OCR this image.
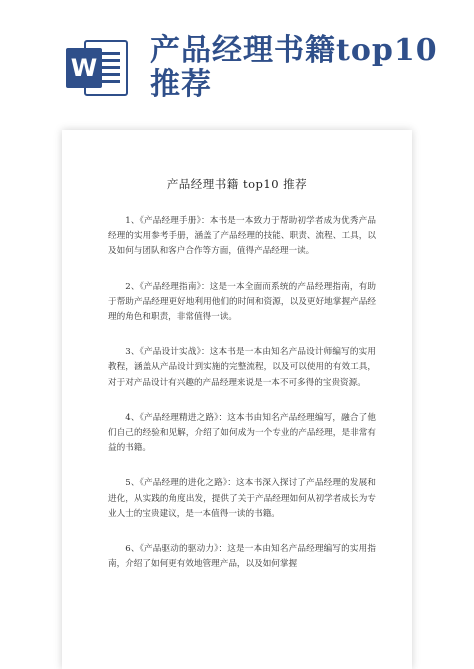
W 产品经理书籍top10推荐
产品经理书籍 top10 推荐

1、《产品经理手册》：本书是一本致力于帮助初学者成为优秀产品经理的实用参考手册，涵盖了产品经理的技能、职责、流程、工具，以及如何与团队和客户合作等方面，值得产品经理一读。

2、《产品经理指南》：这是一本全面而系统的产品经理指南，有助于帮助产品经理更好地利用他们的时间和资源，以及更好地掌握产品经理的角色和职责，非常值得一读。

3、《产品设计实战》：这本书是一本由知名产品设计师编写的实用教程，涵盖从产品设计到实施的完整流程，以及可以使用的有效工具，对于对产品设计有兴趣的产品经理来说是一本不可多得的宝贵资源。

4、《产品经理精进之路》：这本书由知名产品经理编写，融合了他们自己的经验和见解，介绍了如何成为一个专业的产品经理，是非常有益的书籍。

5、《产品经理的进化之路》：这本书深入探讨了产品经理的发展和进化，从实践的角度出发，提供了关于产品经理如何从初学者成长为专业人士的宝贵建议，是一本值得一读的书籍。

6、《产品驱动的驱动力》：这是一本由知名产品经理编写的实用指南，介绍了如何更有效地管理产品，以及如何掌握
